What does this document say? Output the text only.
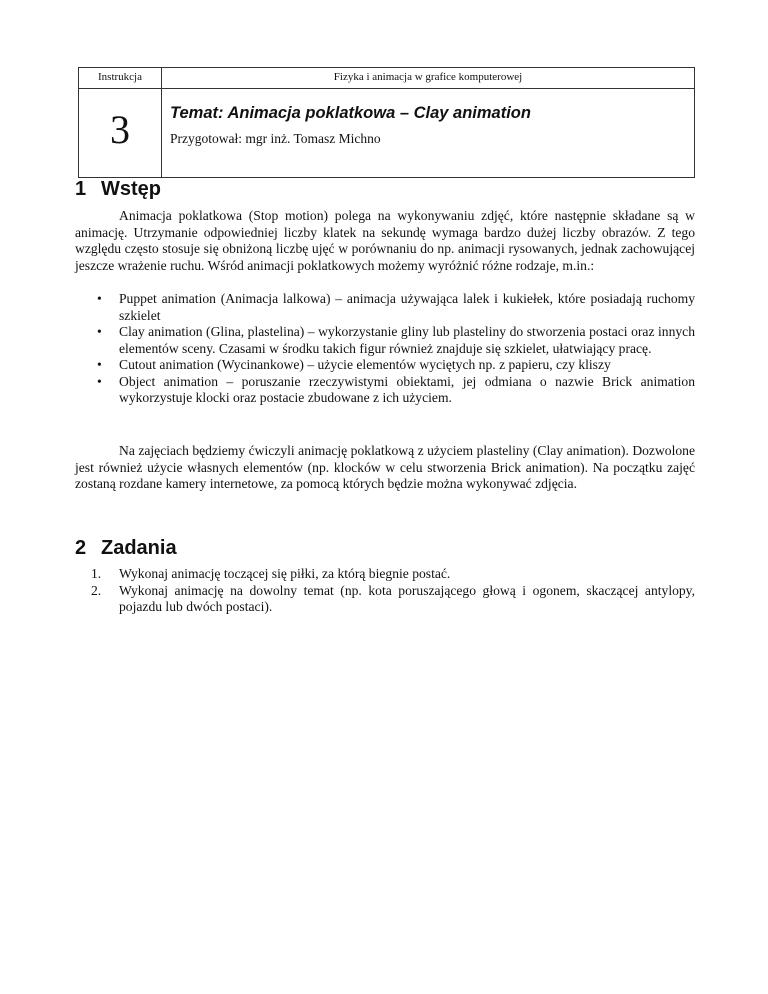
Instrukcja	Fizyka i animacja w grafice komputerowej
3	Temat: Animacja poklatkowa – Clay animation
Przygotował: mgr inż. Tomasz Michno
1 Wstęp
Animacja poklatkowa (Stop motion) polega na wykonywaniu zdjęć, które następnie składane są w animację. Utrzymanie odpowiedniej liczby klatek na sekundę wymaga bardzo dużej liczby obrazów. Z tego względu często stosuje się obniżoną liczbę ujęć w porównaniu do np. animacji rysowanych, jednak zachowującej jeszcze wrażenie ruchu. Wśród animacji poklatkowych możemy wyróżnić różne rodzaje, m.in.:
• Puppet animation (Animacja lalkowa) – animacja używająca lalek i kukiełek, które posiadają ruchomy szkielet
• Clay animation (Glina, plastelina) – wykorzystanie gliny lub plasteliny do stworzenia postaci oraz innych elementów sceny. Czasami w środku takich figur również znajduje się szkielet, ułatwiający pracę.
• Cutout animation (Wycinankowe) – użycie elementów wyciętych np. z papieru, czy kliszy
• Object animation – poruszanie rzeczywistymi obiektami, jej odmiana o nazwie Brick animation wykorzystuje klocki oraz postacie zbudowane z ich użyciem.
Na zajęciach będziemy ćwiczyli animację poklatkową z użyciem plasteliny (Clay animation). Dozwolone jest również użycie własnych elementów (np. klocków w celu stworzenia Brick animation). Na początku zajęć zostaną rozdane kamery internetowe, za pomocą których będzie można wykonywać zdjęcia.
2 Zadania
1. Wykonaj animację toczącej się piłki, za którą biegnie postać.
2. Wykonaj animację na dowolny temat (np. kota poruszającego głową i ogonem, skaczącej antylopy, pojazdu lub dwóch postaci).
